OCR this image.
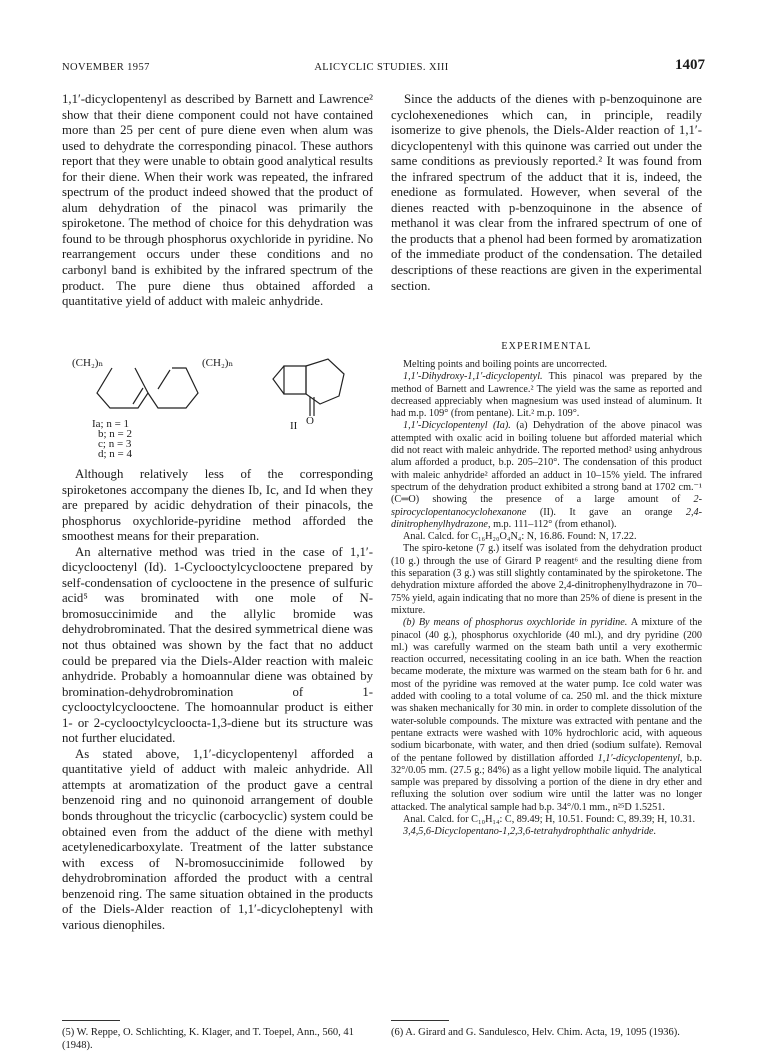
NOVEMBER 1957	ALICYCLIC STUDIES. XIII	1407

1,1′-dicyclopentenyl as described by Barnett and Lawrence² show that their diene component could not have contained more than 25 per cent of pure diene even when alum was used to dehydrate the corresponding pinacol. These authors report that they were unable to obtain good analytical results for their diene. When their work was repeated, the infrared spectrum of the product indeed showed that the product of alum dehydration of the pinacol was primarily the spiroketone. The method of choice for this dehydration was found to be through phosphorus oxychloride in pyridine. No rearrangement occurs under these conditions and no carbonyl band is exhibited by the infrared spectrum of the product. The pure diene thus obtained afforded a quantitative yield of adduct with maleic anhydride.

(CH₂)ₙ	(CH₂)ₙ
O
II
Ia; n = 1
b; n = 2
c; n = 3
d; n = 4

Although relatively less of the corresponding spiroketones accompany the dienes Ib, Ic, and Id when they are prepared by acidic dehydration of their pinacols, the phosphorus oxychloride-pyridine method afforded the smoothest means for their preparation.

An alternative method was tried in the case of 1,1′-dicyclooctenyl (Id). 1-Cyclooctylcyclooctene prepared by self-condensation of cyclooctene in the presence of sulfuric acid⁵ was brominated with one mole of N-bromosuccinimide and the allylic bromide was dehydrobrominated. That the desired symmetrical diene was not thus obtained was shown by the fact that no adduct could be prepared via the Diels-Alder reaction with maleic anhydride. Probably a homoannular diene was obtained by bromination-dehydrobromination of 1-cyclooctylcyclooctene. The homoannular product is either 1- or 2-cyclooctylcycloocta-1,3-diene but its structure was not further elucidated.

As stated above, 1,1′-dicyclopentenyl afforded a quantitative yield of adduct with maleic anhydride. All attempts at aromatization of the product gave a central benzenoid ring and no quinonoid arrangement of double bonds throughout the tricyclic (carbocyclic) system could be obtained even from the adduct of the diene with methyl acetylenedicarboxylate. Treatment of the latter substance with excess of N-bromosuccinimide followed by dehydrobromination afforded the product with a central benzenoid ring. The same situation obtained in the products of the Diels-Alder reaction of 1,1′-dicycloheptenyl with various dienophiles.

Since the adducts of the dienes with p-benzoquinone are cyclohexenediones which can, in principle, readily isomerize to give phenols, the Diels-Alder reaction of 1,1′-dicyclopentenyl with this quinone was carried out under the same conditions as previously reported.² It was found from the infrared spectrum of the adduct that it is, indeed, the enedione as formulated. However, when several of the dienes reacted with p-benzoquinone in the absence of methanol it was clear from the infrared spectrum of one of the products that a phenol had been formed by aromatization of the immediate product of the condensation. The detailed descriptions of these reactions are given in the experimental section.

EXPERIMENTAL

Melting points and boiling points are uncorrected.

1,1′-Dihydroxy-1,1′-dicyclopentyl. This pinacol was prepared by the method of Barnett and Lawrence.² The yield was the same as reported and decreased appreciably when magnesium was used instead of aluminum. It had m.p. 109° (from pentane). Lit.² m.p. 109°.

1,1′-Dicyclopentenyl (Ia). (a) Dehydration of the above pinacol was attempted with oxalic acid in boiling toluene but afforded material which did not react with maleic anhydride. The reported method² using anhydrous alum afforded a product, b.p. 205–210°. The condensation of this product with maleic anhydride² afforded an adduct in 10–15% yield. The infrared spectrum of the dehydration product exhibited a strong band at 1702 cm.⁻¹ (C═O) showing the presence of a large amount of 2-spirocyclopentanocyclohexanone (II). It gave an orange 2,4-dinitrophenylhydrazone, m.p. 111–112° (from ethanol).

Anal. Calcd. for C₁₆H₂₀O₄N₄: N, 16.86. Found: N, 17.22.

The spiro-ketone (7 g.) itself was isolated from the dehydration product (10 g.) through the use of Girard P reagent⁶ and the resulting diene from this separation (3 g.) was still slightly contaminated by the spiroketone. The dehydration mixture afforded the above 2,4-dinitrophenylhydrazone in 70–75% yield, again indicating that no more than 25% of diene is present in the mixture.

(b) By means of phosphorus oxychloride in pyridine. A mixture of the pinacol (40 g.), phosphorus oxychloride (40 ml.), and dry pyridine (200 ml.) was carefully warmed on the steam bath until a very exothermic reaction occurred, necessitating cooling in an ice bath. When the reaction became moderate, the mixture was warmed on the steam bath for 6 hr. and most of the pyridine was removed at the water pump. Ice cold water was added with cooling to a total volume of ca. 250 ml. and the thick mixture was shaken mechanically for 30 min. in order to complete dissolution of the water-soluble compounds. The mixture was extracted with pentane and the pentane extracts were washed with 10% hydrochloric acid, with aqueous sodium bicarbonate, with water, and then dried (sodium sulfate). Removal of the pentane followed by distillation afforded 1,1′-dicyclopentenyl, b.p. 32°/0.05 mm. (27.5 g.; 84%) as a light yellow mobile liquid. The analytical sample was prepared by dissolving a portion of the diene in dry ether and refluxing the solution over sodium wire until the latter was no longer attacked. The analytical sample had b.p. 34°/0.1 mm., n²⁵D 1.5251.

Anal. Calcd. for C₁₀H₁₄: C, 89.49; H, 10.51. Found: C, 89.39; H, 10.31.

3,4,5,6-Dicyclopentano-1,2,3,6-tetrahydrophthalic anhydride.

(5) W. Reppe, O. Schlichting, K. Klager, and T. Toepel, Ann., 560, 41 (1948).
(6) A. Girard and G. Sandulesco, Helv. Chim. Acta, 19, 1095 (1936).
